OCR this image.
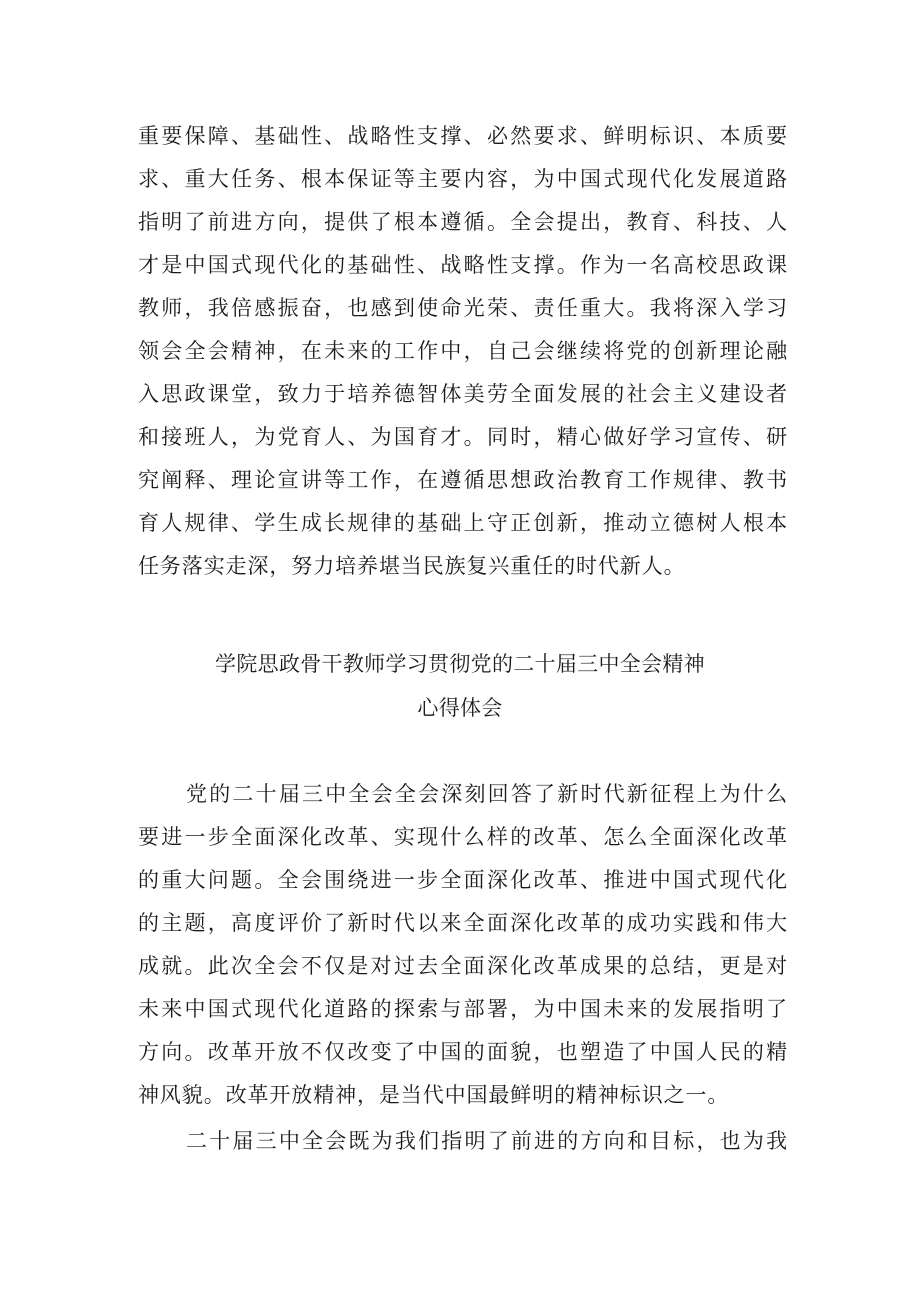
重要保障、基础性、战略性支撑、必然要求、鲜明标识、本质要
求、重大任务、根本保证等主要内容，为中国式现代化发展道路
指明了前进方向，提供了根本遵循。全会提出，教育、科技、人
才是中国式现代化的基础性、战略性支撑。作为一名高校思政课
教师，我倍感振奋，也感到使命光荣、责任重大。我将深入学习
领会全会精神，在未来的工作中，自己会继续将党的创新理论融
入思政课堂，致力于培养德智体美劳全面发展的社会主义建设者
和接班人，为党育人、为国育才。同时，精心做好学习宣传、研
究阐释、理论宣讲等工作，在遵循思想政治教育工作规律、教书
育人规律、学生成长规律的基础上守正创新，推动立德树人根本
任务落实走深，努力培养堪当民族复兴重任的时代新人。
学院思政骨干教师学习贯彻党的二十届三中全会精神
心得体会
党的二十届三中全会全会深刻回答了新时代新征程上为什么
要进一步全面深化改革、实现什么样的改革、怎么全面深化改革
的重大问题。全会围绕进一步全面深化改革、推进中国式现代化
的主题，高度评价了新时代以来全面深化改革的成功实践和伟大
成就。此次全会不仅是对过去全面深化改革成果的总结，更是对
未来中国式现代化道路的探索与部署，为中国未来的发展指明了
方向。改革开放不仅改变了中国的面貌，也塑造了中国人民的精
神风貌。改革开放精神，是当代中国最鲜明的精神标识之一。
二十届三中全会既为我们指明了前进的方向和目标，也为我
